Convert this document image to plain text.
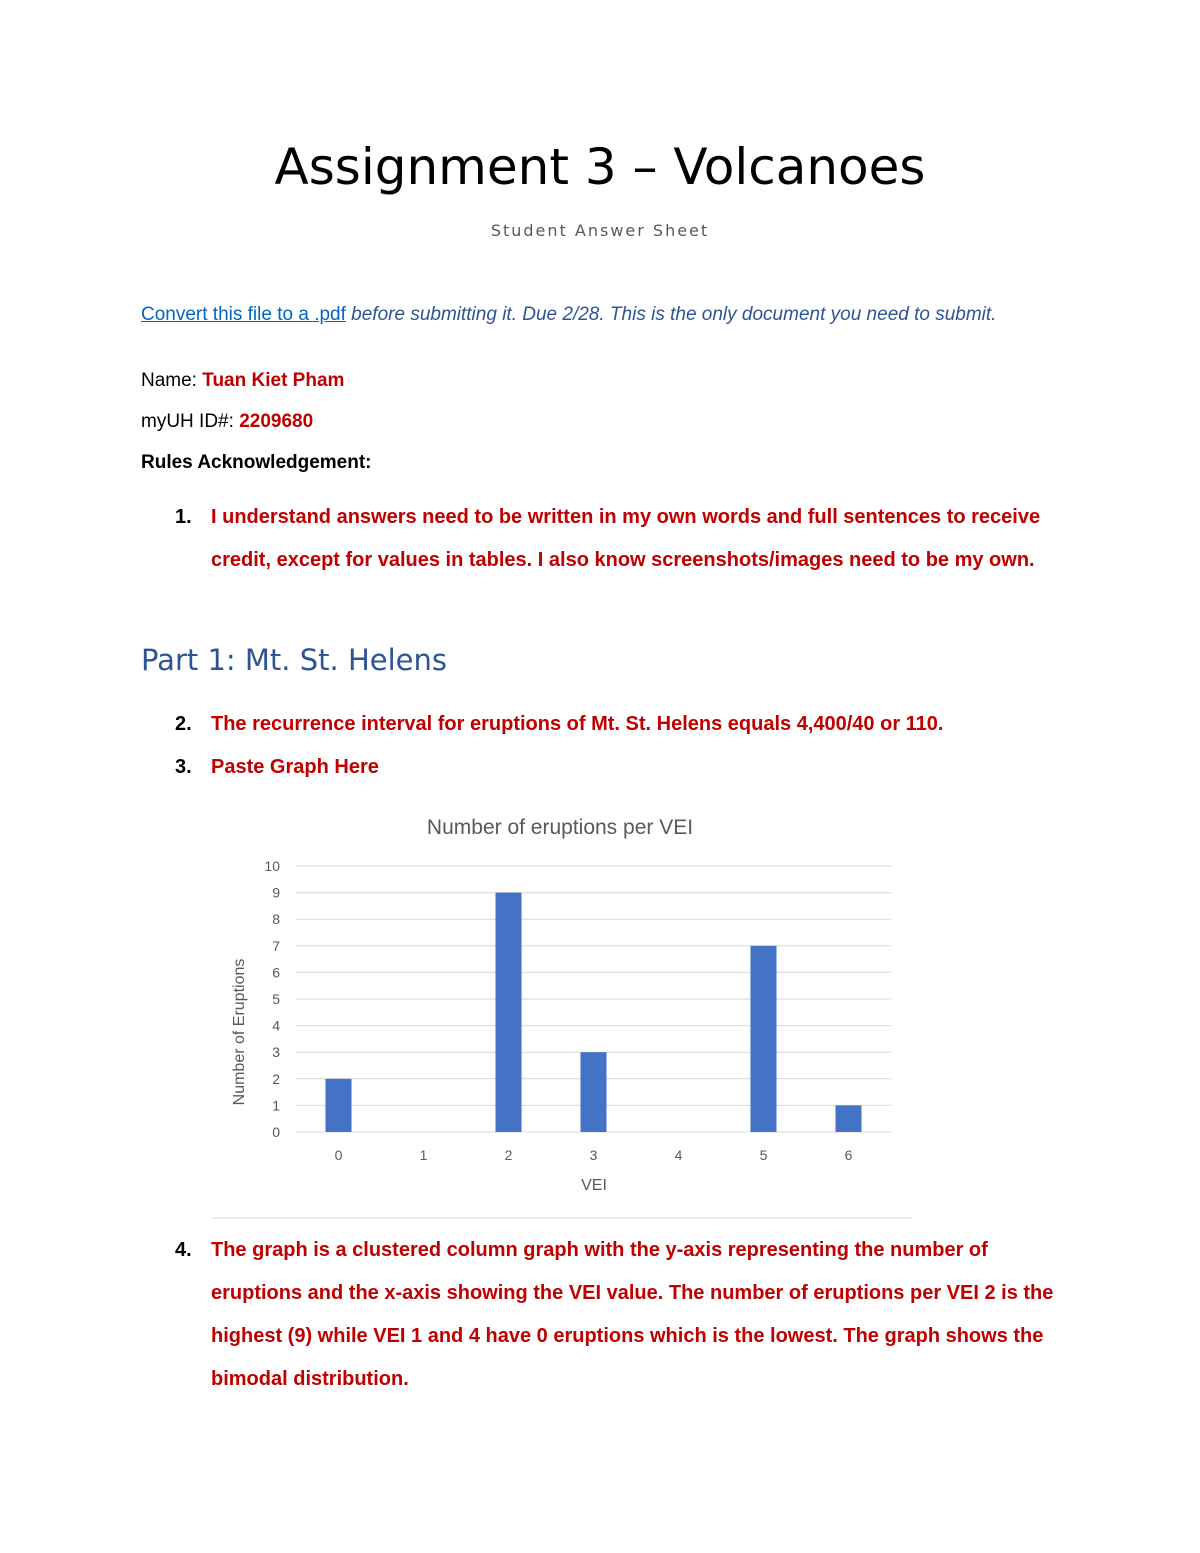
Assignment 3 – Volcanoes
Student Answer Sheet
Convert this file to a .pdf before submitting it. Due 2/28. This is the only document you need to submit.
Name: Tuan Kiet Pham
myUH ID#: 2209680
Rules Acknowledgement:
1. I understand answers need to be written in my own words and full sentences to receive credit, except for values in tables. I also know screenshots/images need to be my own.
Part 1: Mt. St. Helens
2. The recurrence interval for eruptions of Mt. St. Helens equals 4,400/40 or 110.
3. Paste Graph Here
Number of eruptions per VEI
0
1
2
3
4
5
6
7
8
9
10
0	1	2	3	4	5	6
Number of Eruptions
VEI
4. The graph is a clustered column graph with the y-axis representing the number of eruptions and the x-axis showing the VEI value. The number of eruptions per VEI 2 is the highest (9) while VEI 1 and 4 have 0 eruptions which is the lowest. The graph shows the bimodal distribution.
